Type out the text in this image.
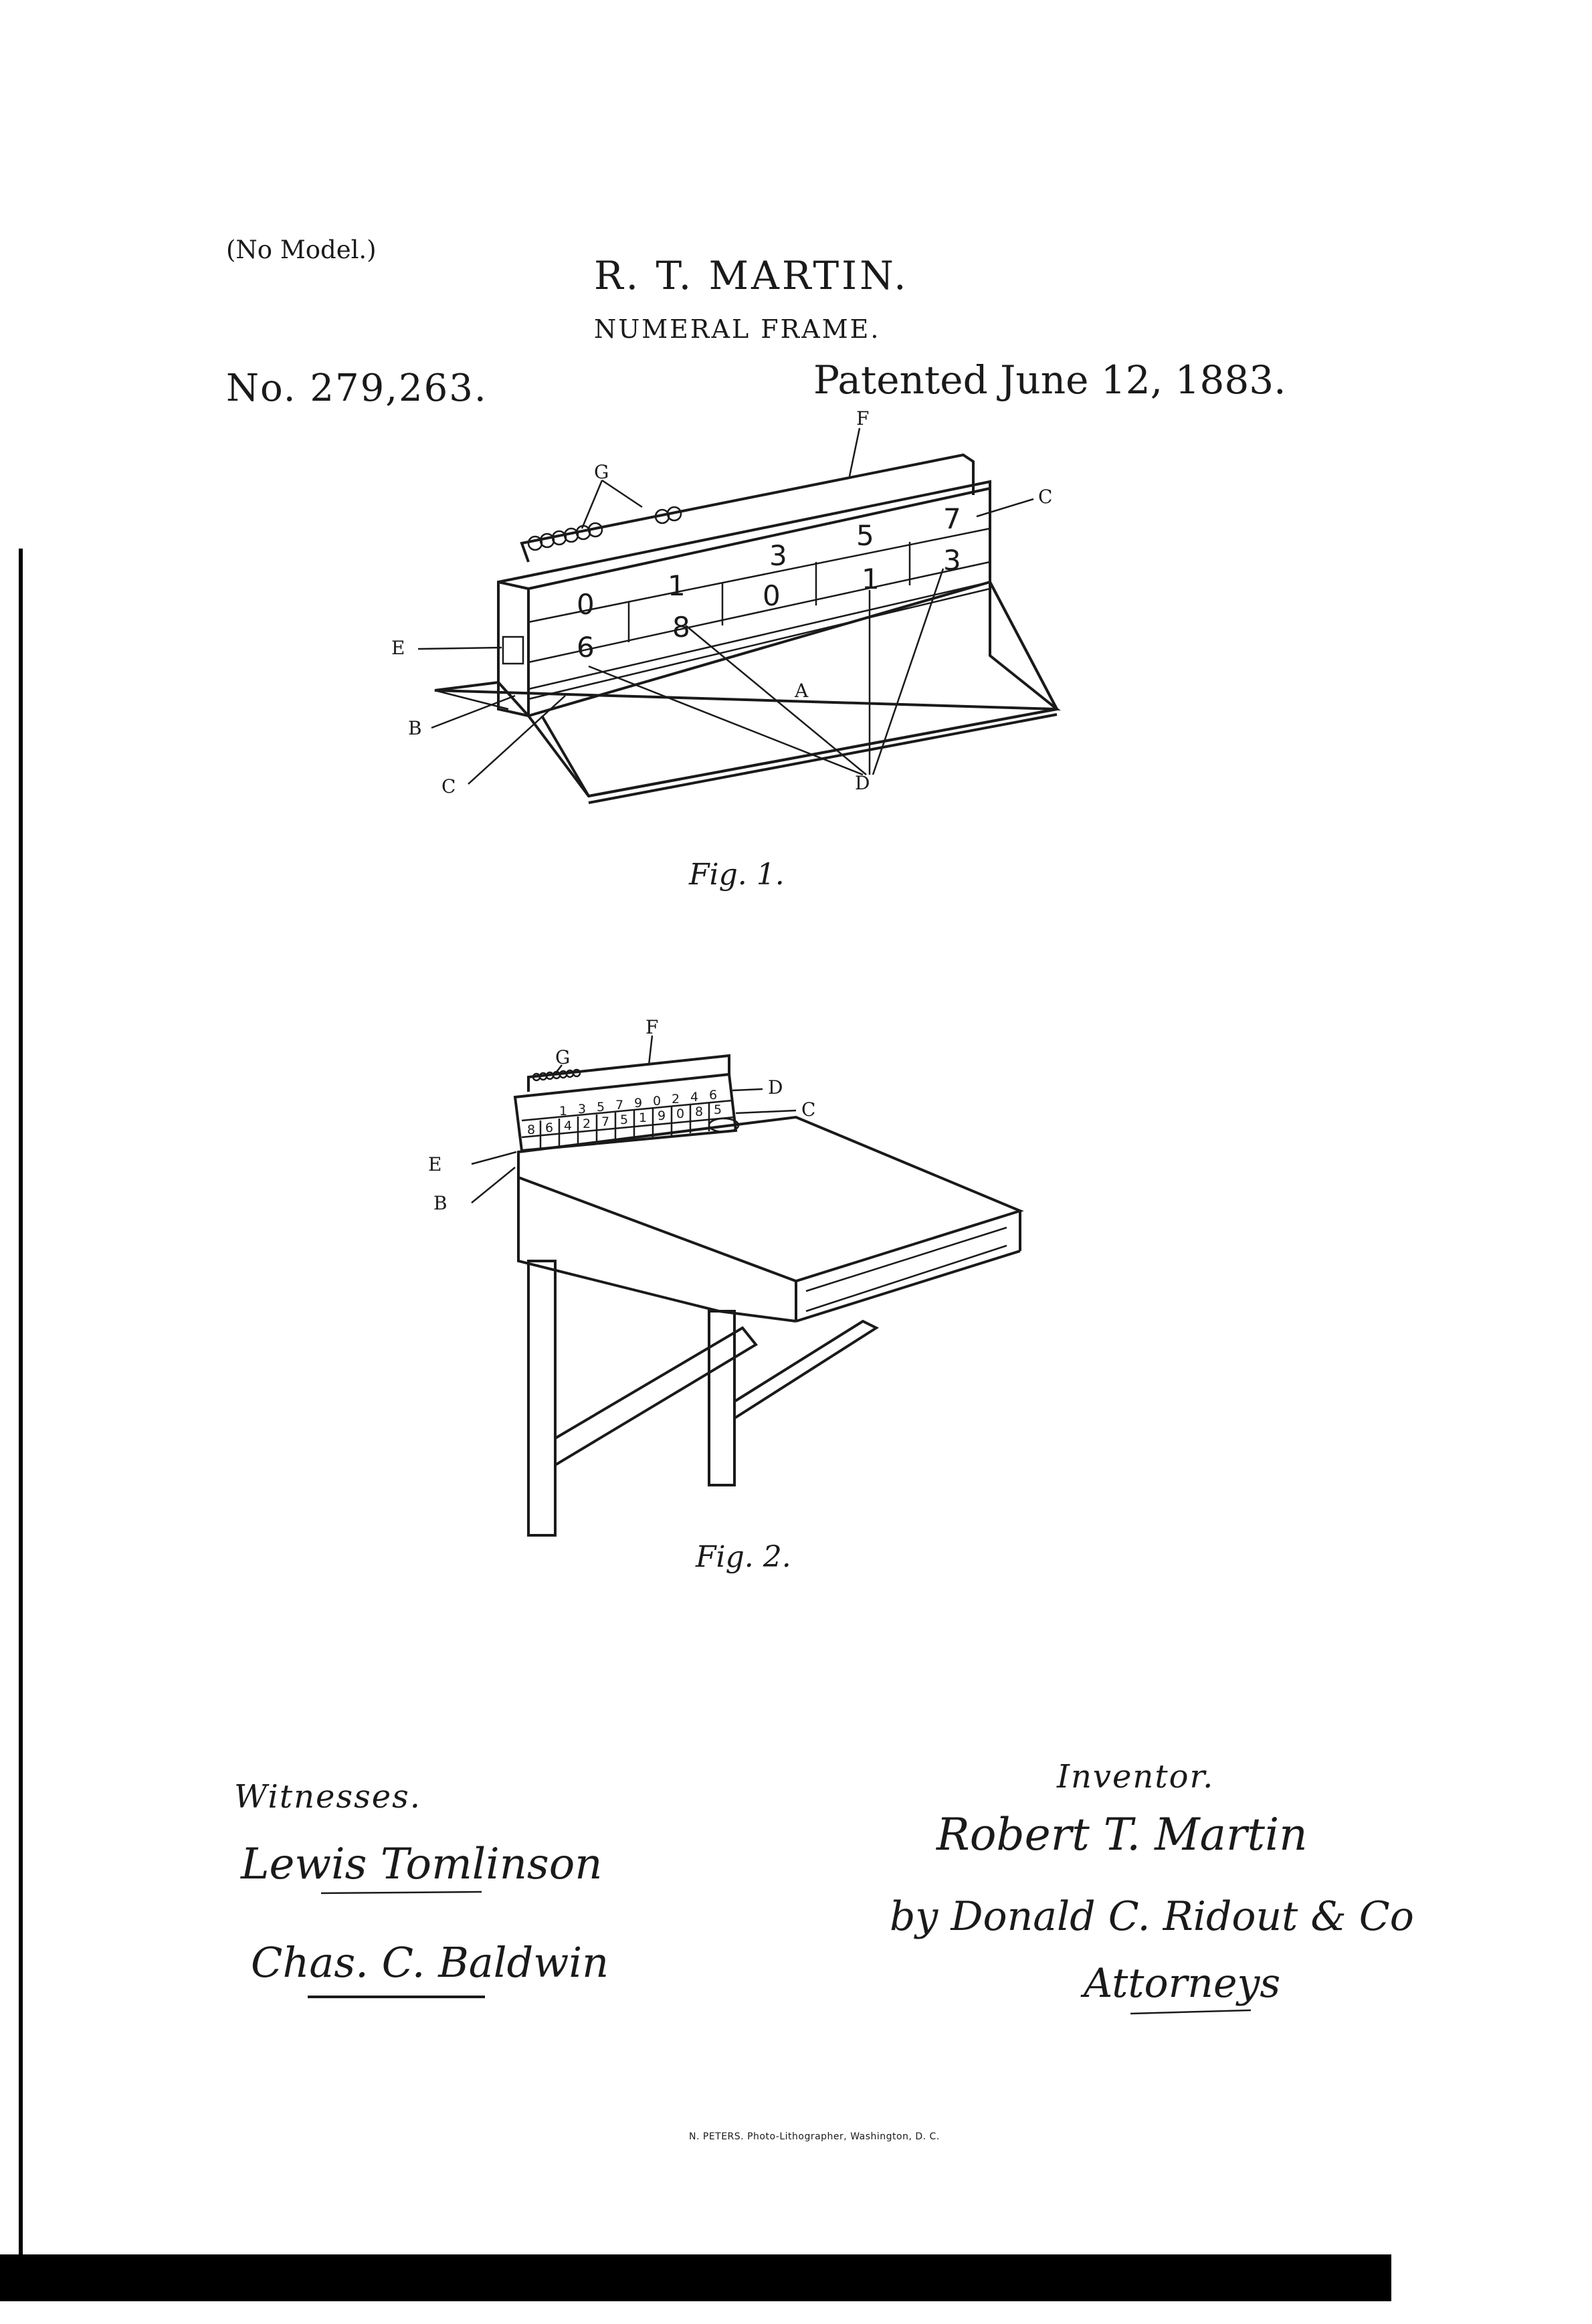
(No Model.)
R. T. MARTIN.
NUMERAL FRAME.
No. 279,263.	Patented June 12, 1883.
3
5
7
0
1	0
1
3
6
8
F
G
C
E
B
A
C	D
Fig. 1.
1 3 5 7 9 0 2 4 6
8 6 4 2 7 5 1 9 0 8 5
F
G
D
C
E
B
Fig. 2.
Witnesses.
Inventor.
Lewis Tomlinson
Chas. C. Baldwin
Robert T. Martin
by Donald C. Ridout & Co
Attorneys
N. PETERS. Photo-Lithographer, Washington, D. C.
